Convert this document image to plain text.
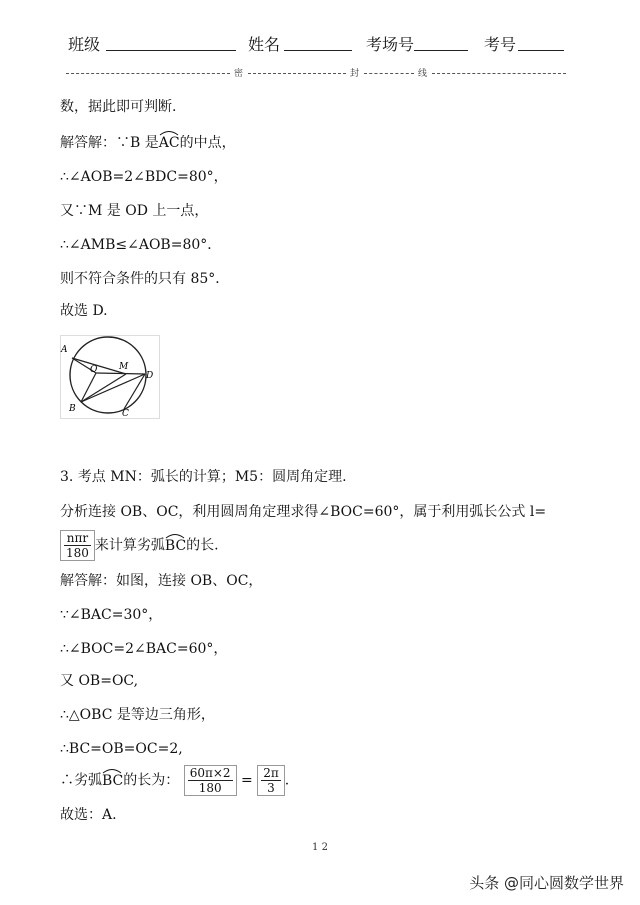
班级	姓名	考场号	考号
密	封	线
数，据此即可判断.
解答解：∵B 是
AC的中点，
∴∠AOB=2∠BDC=80°，
又∵M 是 OD 上一点，
∴∠AMB≤∠AOB=80°．
则不符合条件的只有 85°．
故选 D.
A
O M
D
B	C
3. 考点 MN：弧长的计算；M5：圆周角定理.
分析连接 OB、OC，利用圆周角定理求得∠BOC=60°，属于利用弧长公式 l=
$\frac{\text{nπr}}{180}$ 来计算劣弧
BC的长.
解答解：如图，连接 OB、OC，
∵∠BAC=30°，
∴∠BOC=2∠BAC=60°，
又 OB=OC,
∴△OBC 是等边三角形，
∴BC=OB=OC=2,
∴劣弧
BC的长为： $\frac{60\pi\times 2}{180} = \frac{2\pi}{3}$ .
故选：A.
1 2
头条 @同心圆数学世界
